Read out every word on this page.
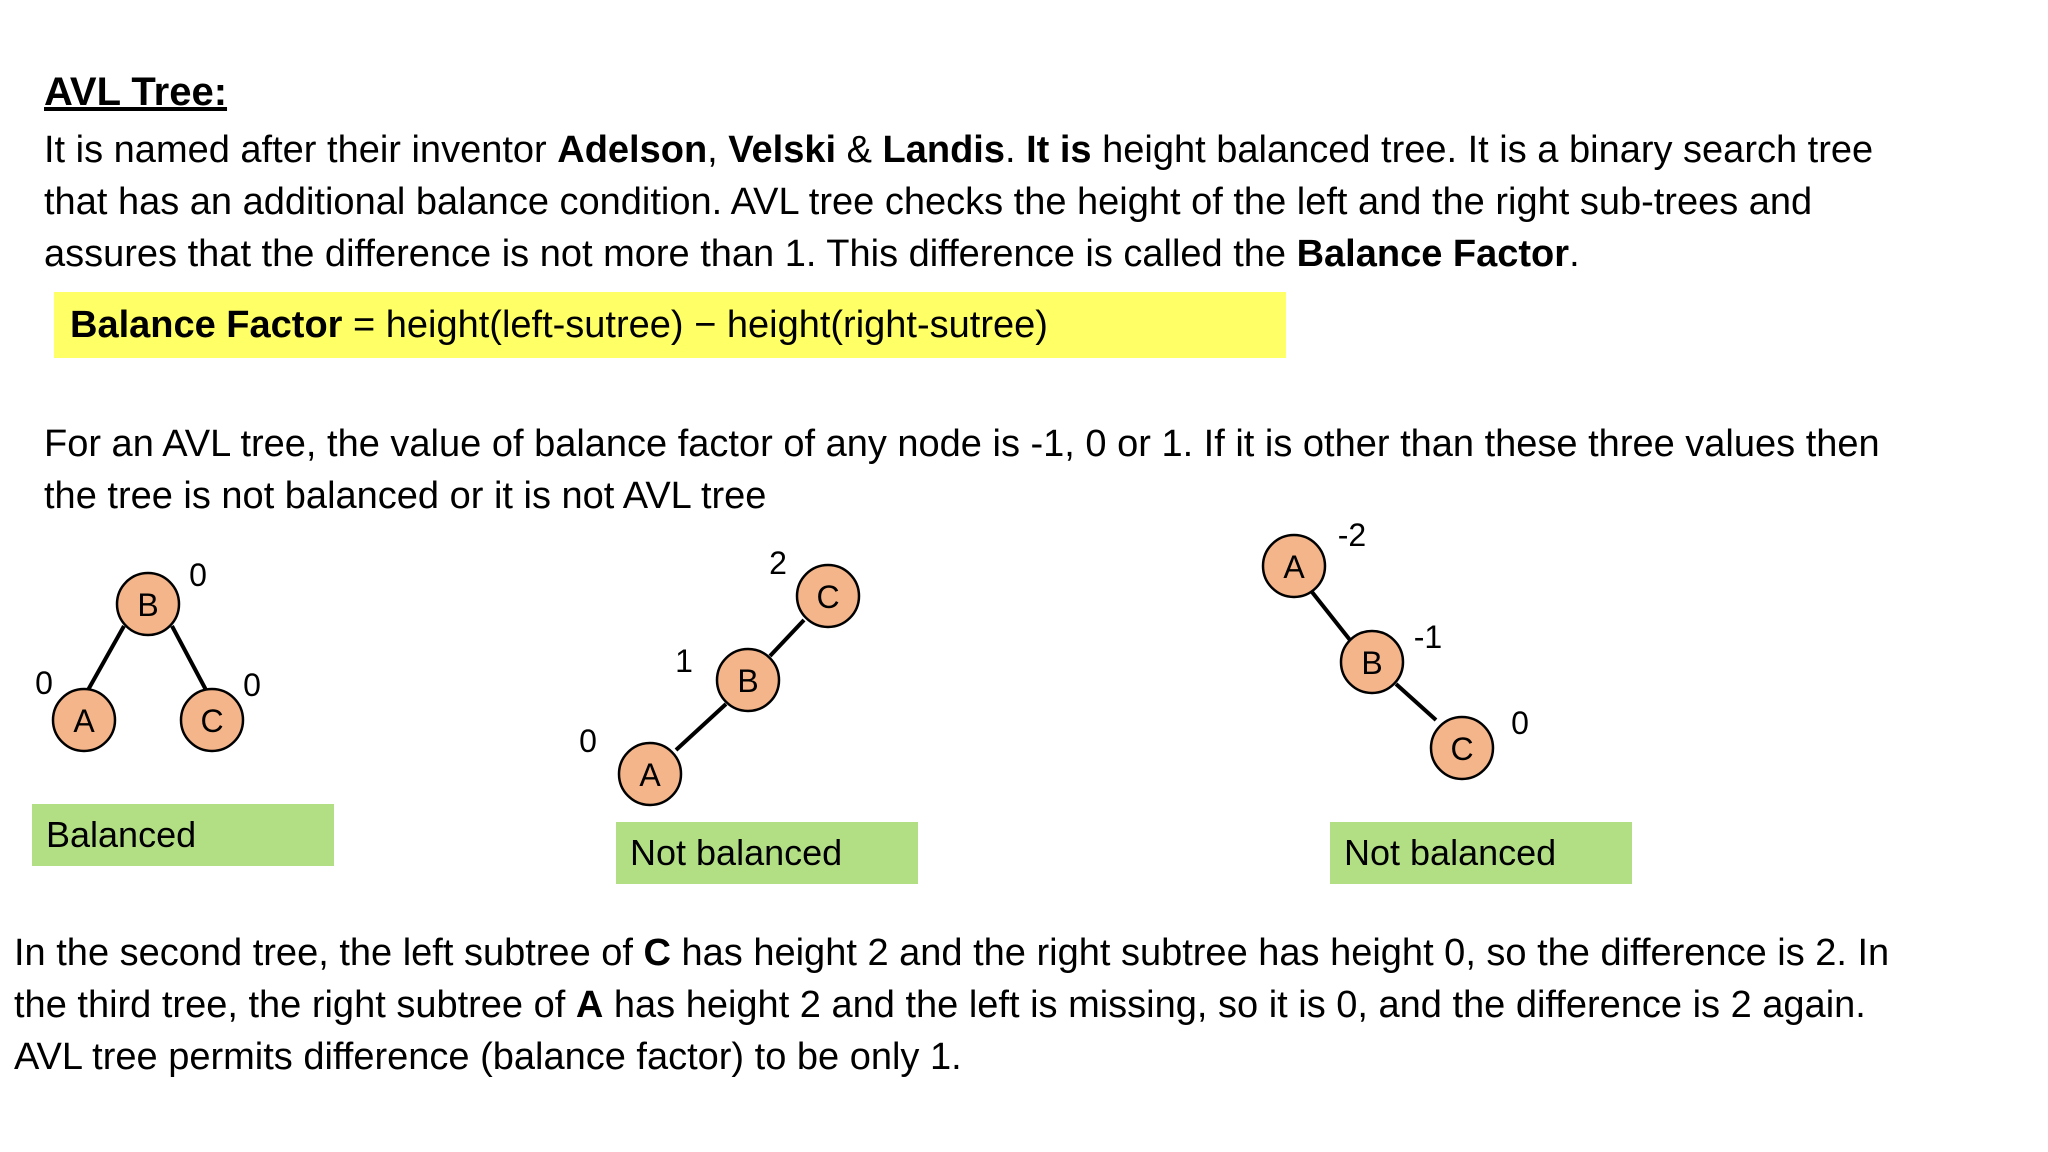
AVL Tree:

It is named after their inventor Adelson, Velski & Landis. It is height balanced tree. It is a binary search tree

that has an additional balance condition. AVL tree checks the height of the left and the right sub-trees and

assures that the difference is not more than 1. This difference is called the Balance Factor.

Balance Factor = height(left-sutree) − height(right-sutree)

For an AVL tree, the value of balance factor of any node is -1, 0 or 1. If it is other than these three values then

the tree is not balanced or it is not AVL tree

B
A	C
0
0	0
C
B
A
2
1
0
A
B
C
-2
-1
0
Balanced	Not balanced	Not balanced

In the second tree, the left subtree of C has height 2 and the right subtree has height 0, so the difference is 2. In

the third tree, the right subtree of A has height 2 and the left is missing, so it is 0, and the difference is 2 again.

AVL tree permits difference (balance factor) to be only 1.
